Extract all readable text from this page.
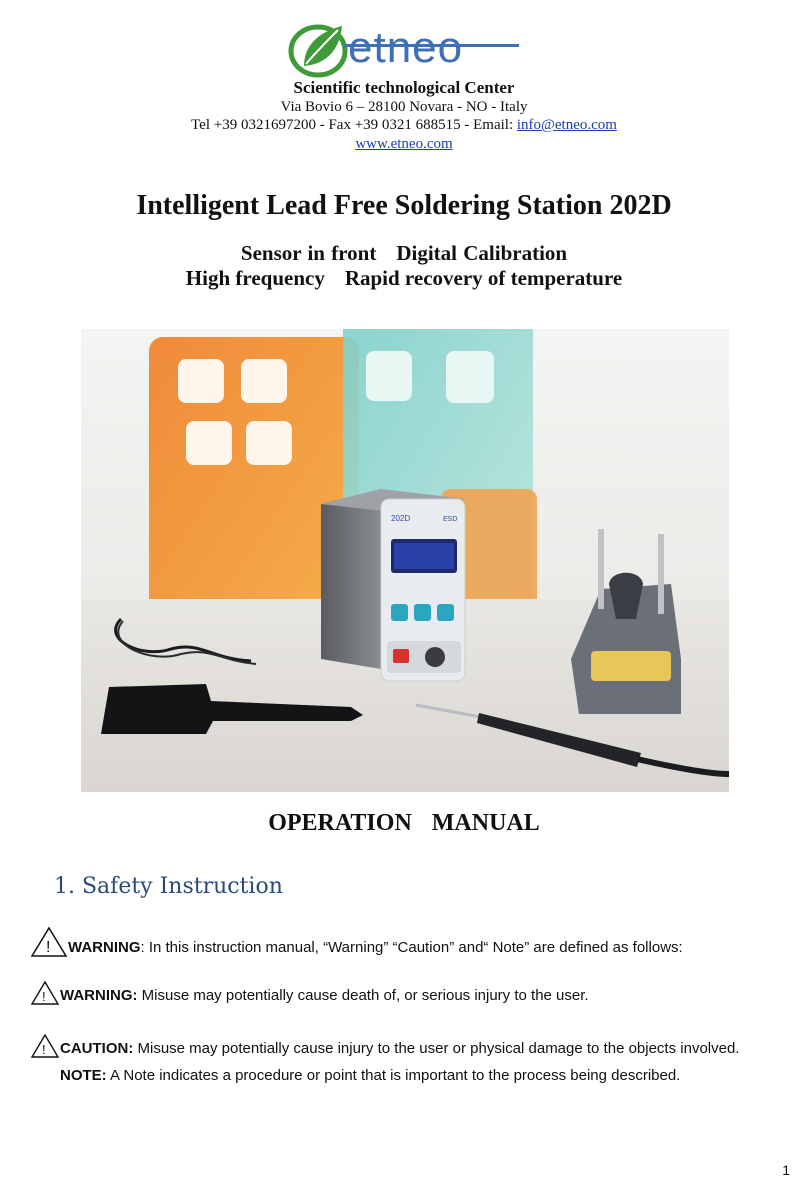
etneo
Scientific technological Center
Via Bovio 6 – 28100 Novara - NO - Italy
Tel +39 0321697200 - Fax +39 0321 688515 - Email: info@etneo.com
www.etneo.com
Intelligent Lead Free Soldering Station 202D
Sensor in front Digital Calibration
High frequency Rapid recovery of temperature
202D	ESD
OPERATION MANUAL
1. Safety Instruction
! WARNING: In this instruction manual, “Warning” “Caution” and“ Note” are defined as follows:
! WARNING: Misuse may potentially cause death of, or serious injury to the user.
! CAUTION: Misuse may potentially cause injury to the user or physical damage to the objects involved.
NOTE: A Note indicates a procedure or point that is important to the process being described.
1
